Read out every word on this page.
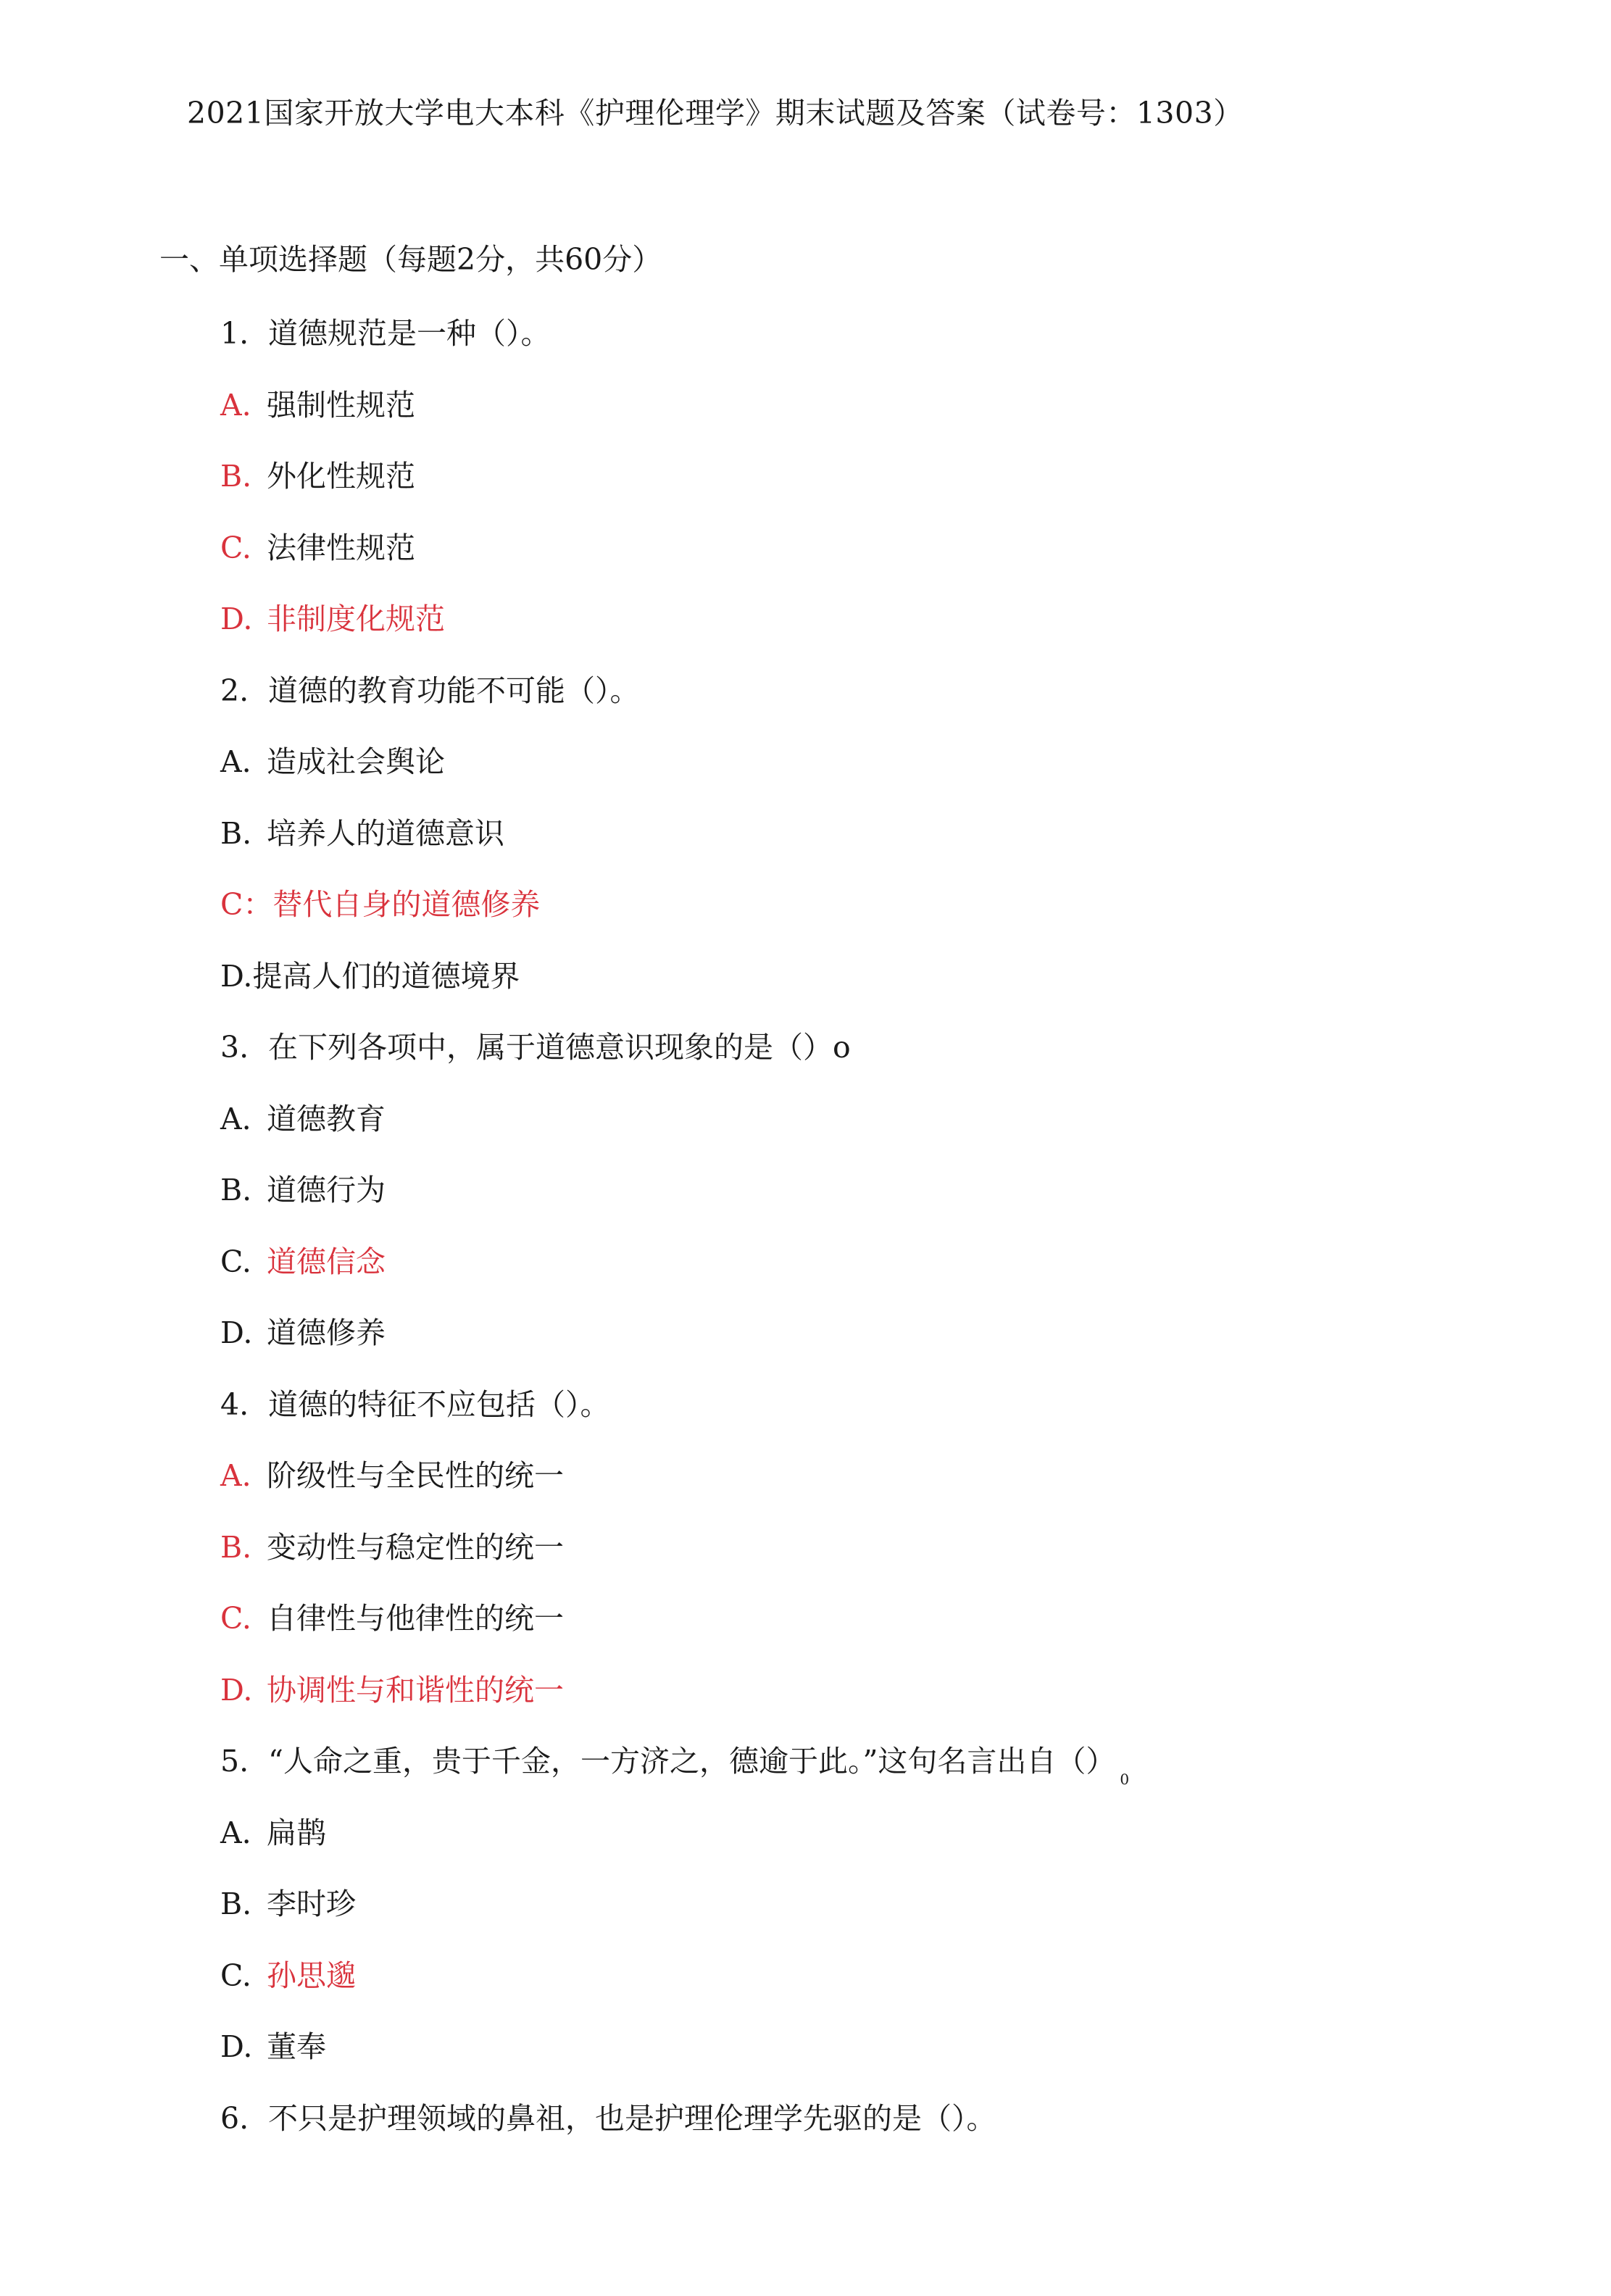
2021国家开放大学电大本科《护理伦理学》期末试题及答案（试卷号：1303）
一、单项选择题（每题2分，共60分）
1. 道德规范是一种（）。
A. 强制性规范
B. 外化性规范
C. 法律性规范
D. 非制度化规范
2. 道德的教育功能不可能（）。
A. 造成社会舆论
B. 培养人的道德意识
C：替代自身的道德修养
D.提高人们的道德境界
3. 在下列各项中，属于道德意识现象的是（）o
A. 道德教育
B. 道德行为
C. 道德信念
D. 道德修养
4. 道德的特征不应包括（）。
A. 阶级性与全民性的统一
B. 变动性与稳定性的统一
C. 自律性与他律性的统一
D. 协调性与和谐性的统一
5. “人命之重，贵于千金，一方济之，德逾于此。”这句名言出自$()_0$
A. 扁鹊
B. 李时珍
C. 孙思邈
D. 董奉
6. 不只是护理领域的鼻祖，也是护理伦理学先驱的是（）。
